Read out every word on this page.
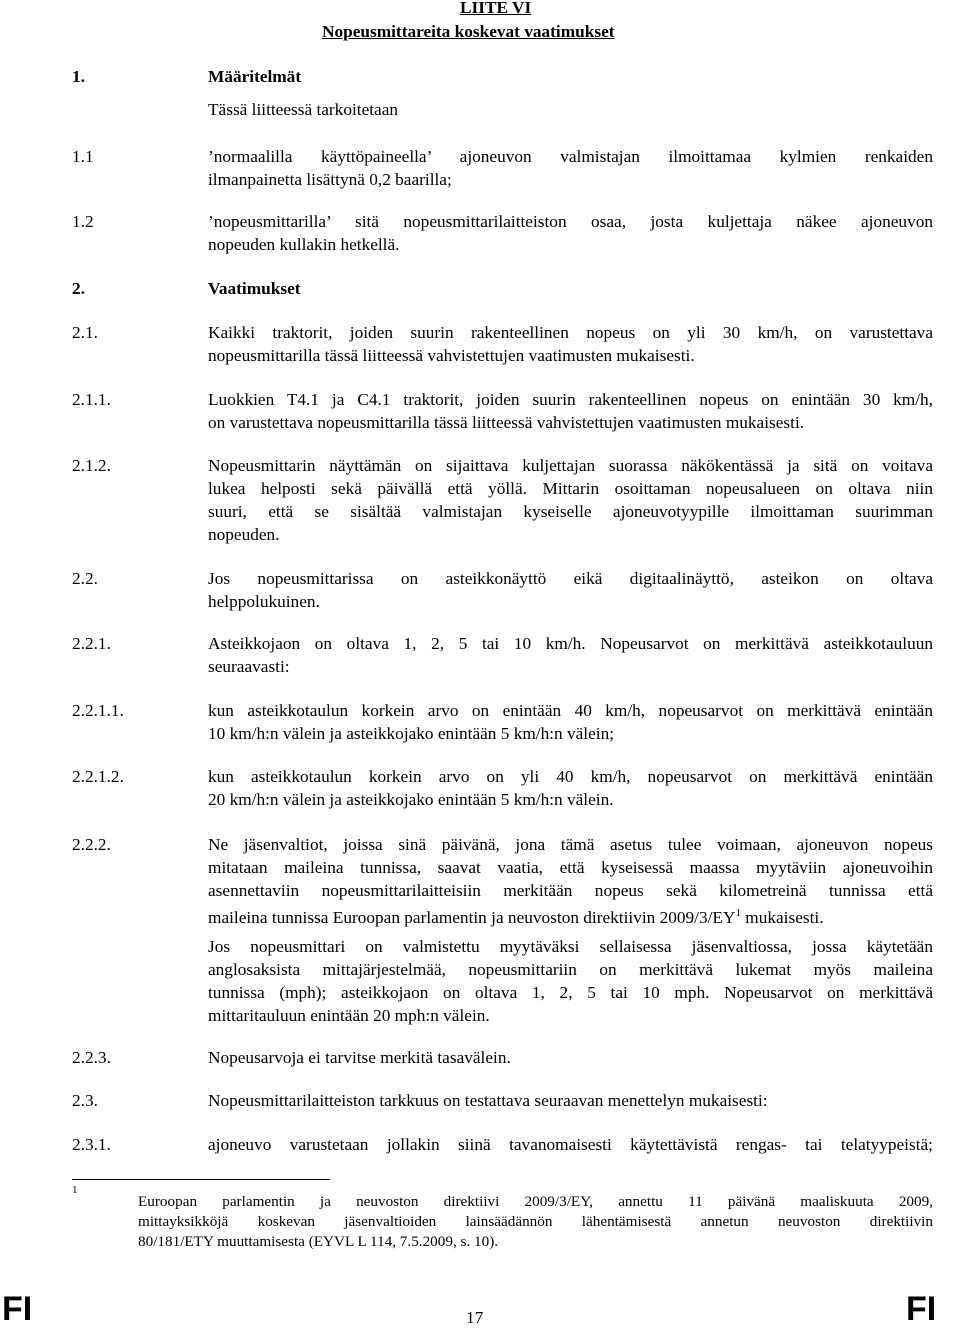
LIITE VI
Nopeusmittareita koskevat vaatimukset
1.	Määritelmät
Tässä liitteessä tarkoitetaan
1.1	’normaalilla käyttöpaineella’ ajoneuvon valmistajan ilmoittamaa kylmien renkaiden
ilmanpainetta lisättynä 0,2 baarilla;
1.2	’nopeusmittarilla’ sitä nopeusmittarilaitteiston osaa, josta kuljettaja näkee ajoneuvon
nopeuden kullakin hetkellä.
2.	Vaatimukset
2.1.	Kaikki traktorit, joiden suurin rakenteellinen nopeus on yli 30 km/h, on varustettava
nopeusmittarilla tässä liitteessä vahvistettujen vaatimusten mukaisesti.
2.1.1.	Luokkien T4.1 ja C4.1 traktorit, joiden suurin rakenteellinen nopeus on enintään 30 km/h,
on varustettava nopeusmittarilla tässä liitteessä vahvistettujen vaatimusten mukaisesti.
2.1.2.	Nopeusmittarin näyttämän on sijaittava kuljettajan suorassa näkökentässä ja sitä on voitava
lukea helposti sekä päivällä että yöllä. Mittarin osoittaman nopeusalueen on oltava niin
suuri, että se sisältää valmistajan kyseiselle ajoneuvotyypille ilmoittaman suurimman
nopeuden.
2.2.	Jos nopeusmittarissa on asteikkonäyttö eikä digitaalinäyttö, asteikon on oltava
helppolukuinen.
2.2.1.	Asteikkojaon on oltava 1, 2, 5 tai 10 km/h. Nopeusarvot on merkittävä asteikkotauluun
seuraavasti:
2.2.1.1.	kun asteikkotaulun korkein arvo on enintään 40 km/h, nopeusarvot on merkittävä enintään
10 km/h:n välein ja asteikkojako enintään 5 km/h:n välein;
2.2.1.2.	kun asteikkotaulun korkein arvo on yli 40 km/h, nopeusarvot on merkittävä enintään
20 km/h:n välein ja asteikkojako enintään 5 km/h:n välein.
2.2.2.	Ne jäsenvaltiot, joissa sinä päivänä, jona tämä asetus tulee voimaan, ajoneuvon nopeus
mitataan maileina tunnissa, saavat vaatia, että kyseisessä maassa myytäviin ajoneuvoihin
asennettaviin nopeusmittarilaitteisiin merkitään nopeus sekä kilometreinä tunnissa että
maileina tunnissa Euroopan parlamentin ja neuvoston direktiivin $2009/3/EY^1$ mukaisesti.
Jos nopeusmittari on valmistettu myytäväksi sellaisessa jäsenvaltiossa, jossa käytetään
anglosaksista mittajärjestelmää, nopeusmittariin on merkittävä lukemat myös maileina
tunnissa (mph); asteikkojaon on oltava 1, 2, 5 tai 10 mph. Nopeusarvot on merkittävä
mittaritauluun enintään 20 mph:n välein.
2.2.3.	Nopeusarvoja ei tarvitse merkitä tasavälein.
2.3.	Nopeusmittarilaitteiston tarkkuus on testattava seuraavan menettelyn mukaisesti:
2.3.1.	ajoneuvo varustetaan jollakin siinä tavanomaisesti käytettävistä rengas- tai telatyypeistä;
1
Euroopan parlamentin ja neuvoston direktiivi 2009/3/EY, annettu 11 päivänä maaliskuuta 2009,
mittayksikköjä koskevan jäsenvaltioiden lainsäädännön lähentämisestä annetun neuvoston direktiivin
80/181/ETY muuttamisesta (EYVL L 114, 7.5.2009, s. 10).
FI	17	FI
